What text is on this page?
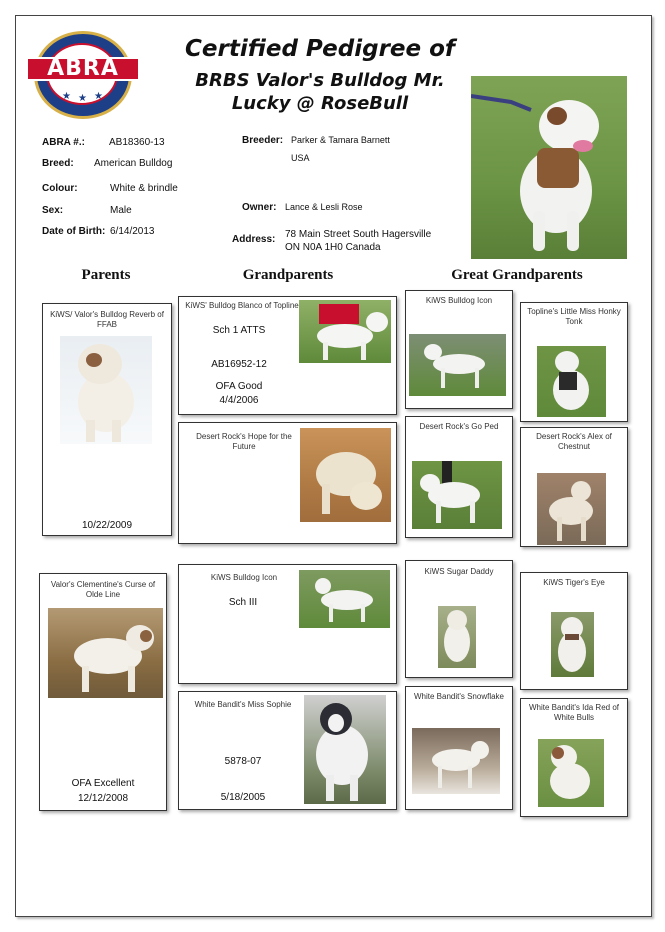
ABRA
★ ★ ★
Certified Pedigree of
BRBS Valor's Bulldog Mr.
Lucky @ RoseBull
ABRA #.: AB18360-13
Breed: American Bulldog
Colour:	White & brindle
Sex:	Male
Date of Birth: 6/14/2013
Breeder: Parker & Tamara Barnett
USA
Owner: Lance & Lesli Rose
Address: 78 Main Street South Hagersville
ON N0A 1H0 Canada
Parents	Grandparents	Great Grandparents
KiWS/ Valor's Bulldog Reverb of FFAB
10/22/2009
Valor's Clementine's Curse of Olde Line
OFA Excellent
12/12/2008
KiWS' Bulldog Blanco of Topline
Sch 1 ATTS
AB16952-12
OFA Good
4/4/2006
Desert Rock's Hope for the Future
KiWS Bulldog Icon
Sch III
White Bandit's Miss Sophie
5878-07
5/18/2005
KiWS Bulldog Icon
Desert Rock's Go Ped
KiWS Sugar Daddy
White Bandit's Snowflake
Topline's Little Miss Honky Tonk
Desert Rock's Alex of Chestnut
KiWS Tiger's Eye
White Bandit's Ida Red of White Bulls
